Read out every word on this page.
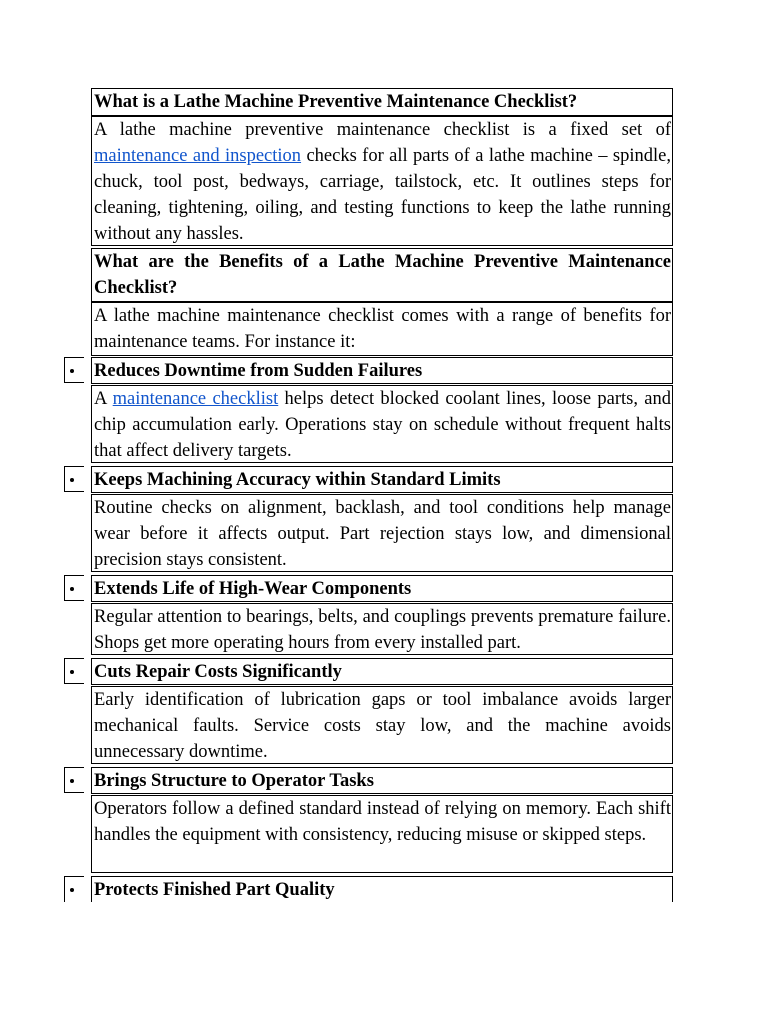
What is a Lathe Machine Preventive Maintenance Checklist?
A lathe machine preventive maintenance checklist is a fixed set of maintenance and inspection checks for all parts of a lathe machine – spindle, chuck, tool post, bedways, carriage, tailstock, etc. It outlines steps for cleaning, tightening, oiling, and testing functions to keep the lathe running without any hassles.
What are the Benefits of a Lathe Machine Preventive Maintenance Checklist?
A lathe machine maintenance checklist comes with a range of benefits for maintenance teams. For instance it:
Reduces Downtime from Sudden Failures
A maintenance checklist helps detect blocked coolant lines, loose parts, and chip accumulation early. Operations stay on schedule without frequent halts that affect delivery targets.
Keeps Machining Accuracy within Standard Limits
Routine checks on alignment, backlash, and tool conditions help manage wear before it affects output. Part rejection stays low, and dimensional precision stays consistent.
Extends Life of High-Wear Components
Regular attention to bearings, belts, and couplings prevents premature failure. Shops get more operating hours from every installed part.
Cuts Repair Costs Significantly
Early identification of lubrication gaps or tool imbalance avoids larger mechanical faults. Service costs stay low, and the machine avoids unnecessary downtime.
Brings Structure to Operator Tasks
Operators follow a defined standard instead of relying on memory. Each shift handles the equipment with consistency, reducing misuse or skipped steps.
Protects Finished Part Quality
